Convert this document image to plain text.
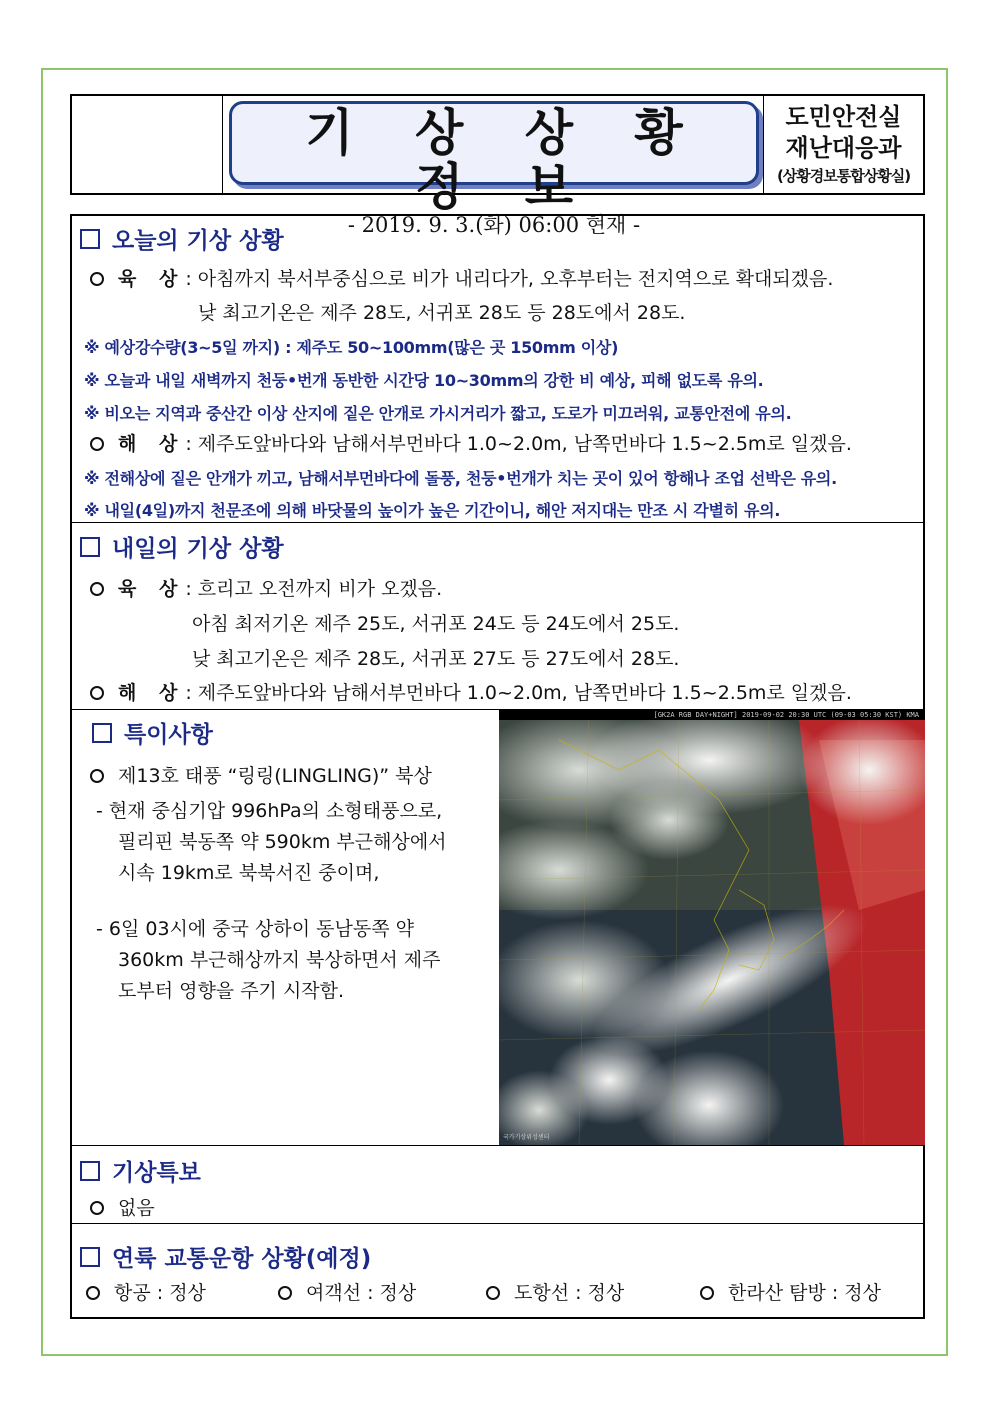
기 상 상 황 정 보
- 2019. 9. 3.(화) 06:00 현재 -
도민안전실
재난대응과
(상황경보통합상황실)
오늘의 기상 상황
육 상: 아침까지 북서부중심으로 비가 내리다가, 오후부터는 전지역으로 확대되겠음.
낮 최고기온은 제주 28도, 서귀포 28도 등 28도에서 28도.
※ 예상강수량(3~5일 까지) : 제주도 50~100mm(많은 곳 150mm 이상)
※ 오늘과 내일 새벽까지 천둥•번개 동반한 시간당 10~30mm의 강한 비 예상, 피해 없도록 유의.
※ 비오는 지역과 중산간 이상 산지에 짙은 안개로 가시거리가 짧고, 도로가 미끄러워, 교통안전에 유의.
해 상: 제주도앞바다와 남해서부먼바다 1.0~2.0m, 남쪽먼바다 1.5~2.5m로 일겠음.
※ 전해상에 짙은 안개가 끼고, 남해서부먼바다에 돌풍, 천둥•번개가 치는 곳이 있어 항해나 조업 선박은 유의.
※ 내일(4일)까지 천문조에 의해 바닷물의 높이가 높은 기간이니, 해안 저지대는 만조 시 각별히 유의.
내일의 기상 상황
육 상: 흐리고 오전까지 비가 오겠음.
아침 최저기온 제주 25도, 서귀포 24도 등 24도에서 25도.
낮 최고기온은 제주 28도, 서귀포 27도 등 27도에서 28도.
해 상: 제주도앞바다와 남해서부먼바다 1.0~2.0m, 남쪽먼바다 1.5~2.5m로 일겠음.
특이사항
제13호 태풍 “링링(LINGLING)” 북상
- 현재 중심기압 996hPa의 소형태풍으로,
필리핀 북동쪽 약 590km 부근해상에서
시속 19km로 북북서진 중이며,
- 6일 03시에 중국 상하이 동남동쪽 약
360km 부근해상까지 북상하면서 제주
도부터 영향을 주기 시작함.
[GK2A RGB DAY+NIGHT] 2019-09-02 20:30 UTC (09-03 05:30 KST) KMA
국가기상위성센터
기상특보
없음
연륙 교통운항 상황(예정)
항공 : 정상	여객선 : 정상	도항선 : 정상	한라산 탐방 : 정상
